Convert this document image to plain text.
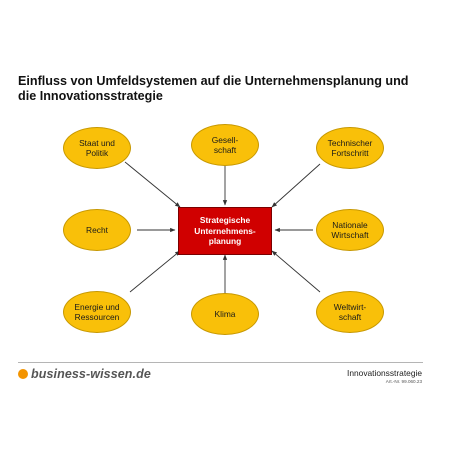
Einfluss von Umfeldsystemen auf die Unternehmensplanung und
die Innovationsstrategie
Staat und
Politik
Gesell-
schaft
Technischer
Fortschritt
Recht
Strategische
Unternehmens-
planung
Nationale
Wirtschaft
Energie und
Ressourcen	Klima
Weltwirt-
schaft
business-wissen.de	Innovationsstrategie
Art.-Nr. 99.060.23
